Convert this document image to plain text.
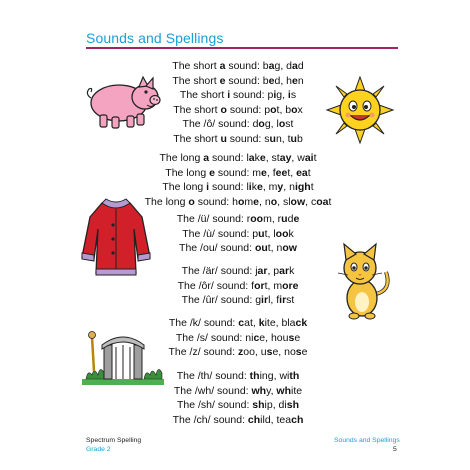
Sounds and Spellings
The short a sound: bag, dad
The short e sound: bed, hen
The short i sound: pig, is
The short o sound: pot, box
The /ô/ sound: dog, lost
The short u sound: sun, tub
The long a sound: lake, stay, wait
The long e sound: me, feet, eat
The long i sound: like, my, night
The long o sound: home, no, slow, coat
The /ü/ sound: room, rude
The /ù/ sound: put, look
The /ou/ sound: out, now
The /är/ sound: jar, park
The /ôr/ sound: fort, more
The /ûr/ sound: girl, first
The /k/ sound: cat, kite, black
The /s/ sound: nice, house
The /z/ sound: zoo, use, nose
The /th/ sound: thing, with
The /wh/ sound: why, white
The /sh/ sound: ship, dish
The /ch/ sound: child, teach
Spectrum Spelling
Grade 2
Sounds and Spellings
5
